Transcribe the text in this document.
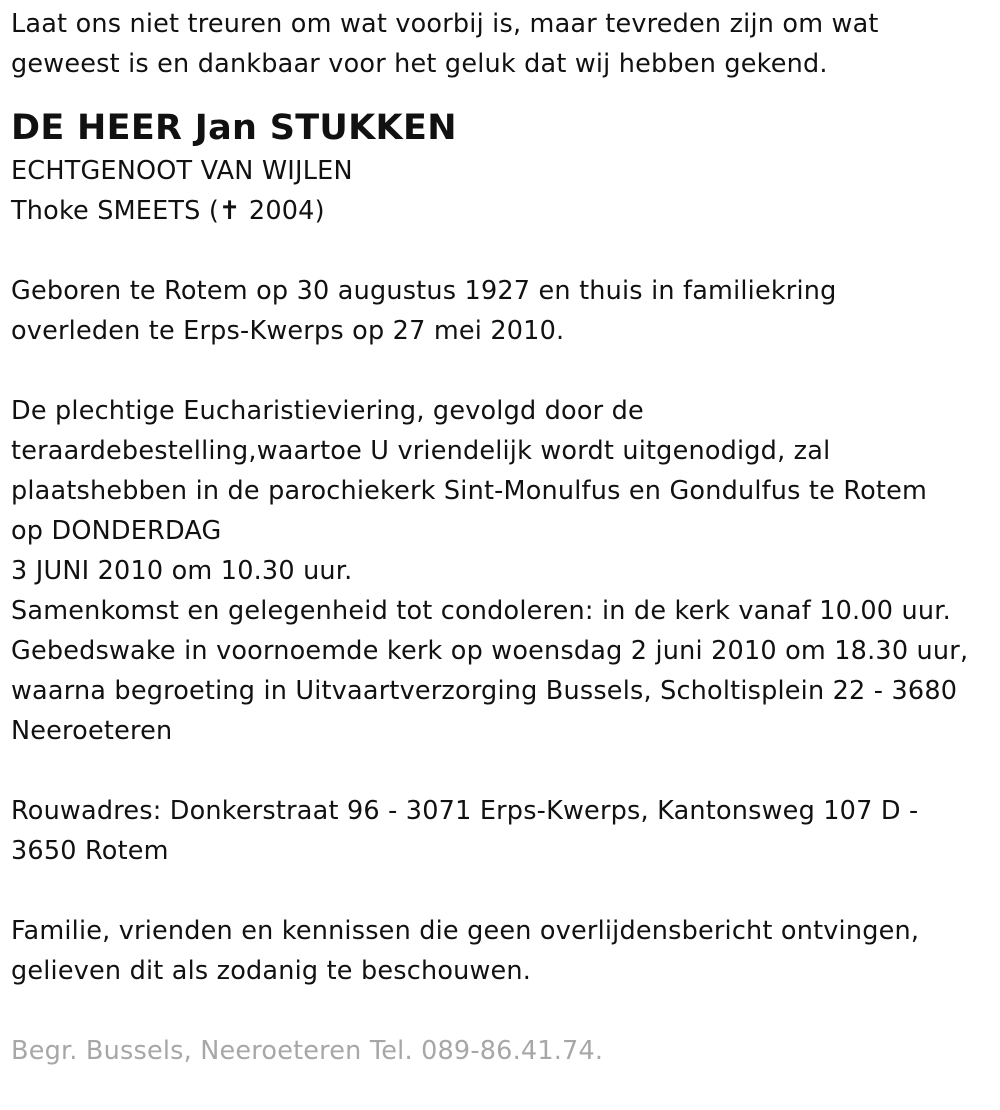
Laat ons niet treuren om wat voorbij is, maar tevreden zijn om wat
geweest is en dankbaar voor het geluk dat wij hebben gekend.
DE HEER Jan STUKKEN
ECHTGENOOT VAN WIJLEN
Thoke SMEETS (✝ 2004)
Geboren te Rotem op 30 augustus 1927 en thuis in familiekring
overleden te Erps-Kwerps op 27 mei 2010.
De plechtige Eucharistieviering, gevolgd door de
teraardebestelling,waartoe U vriendelijk wordt uitgenodigd, zal
plaatshebben in de parochiekerk Sint-Monulfus en Gondulfus te Rotem
op DONDERDAG
3 JUNI 2010 om 10.30 uur.
Samenkomst en gelegenheid tot condoleren: in de kerk vanaf 10.00 uur.
Gebedswake in voornoemde kerk op woensdag 2 juni 2010 om 18.30 uur,
waarna begroeting in Uitvaartverzorging Bussels, Scholtisplein 22 - 3680
Neeroeteren
Rouwadres: Donkerstraat 96 - 3071 Erps-Kwerps, Kantonsweg 107 D -
3650 Rotem
Familie, vrienden en kennissen die geen overlijdensbericht ontvingen,
gelieven dit als zodanig te beschouwen.
Begr. Bussels, Neeroeteren Tel. 089-86.41.74.
